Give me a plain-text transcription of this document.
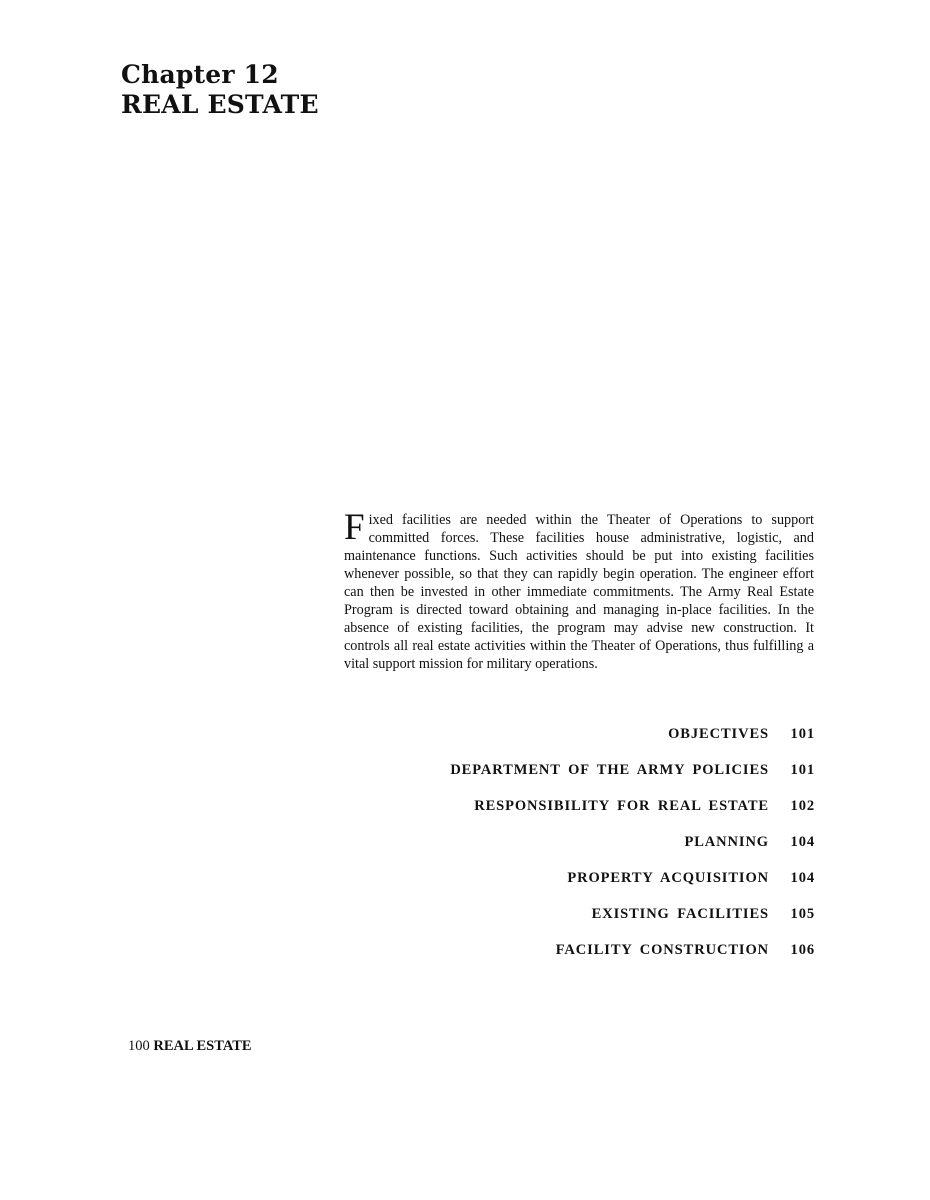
Chapter 12
REAL ESTATE

Fixed facilities are needed within the Theater of Operations to support committed forces. These facilities house administrative, logistic, and maintenance functions. Such activities should be put into existing facilities whenever possible, so that they can rapidly begin operation. The engineer effort can then be invested in other immediate commitments. The Army Real Estate Program is directed toward obtaining and managing in-place facilities. In the absence of existing facilities, the program may advise new construction. It controls all real estate activities within the Theater of Operations, thus fulfilling a vital support mission for military operations.

OBJECTIVES	101
DEPARTMENT OF THE ARMY POLICIES	101
RESPONSIBILITY FOR REAL ESTATE	102
PLANNING	104
PROPERTY ACQUISITION	104
EXISTING FACILITIES	105
FACILITY CONSTRUCTION	106

100 REAL ESTATE
